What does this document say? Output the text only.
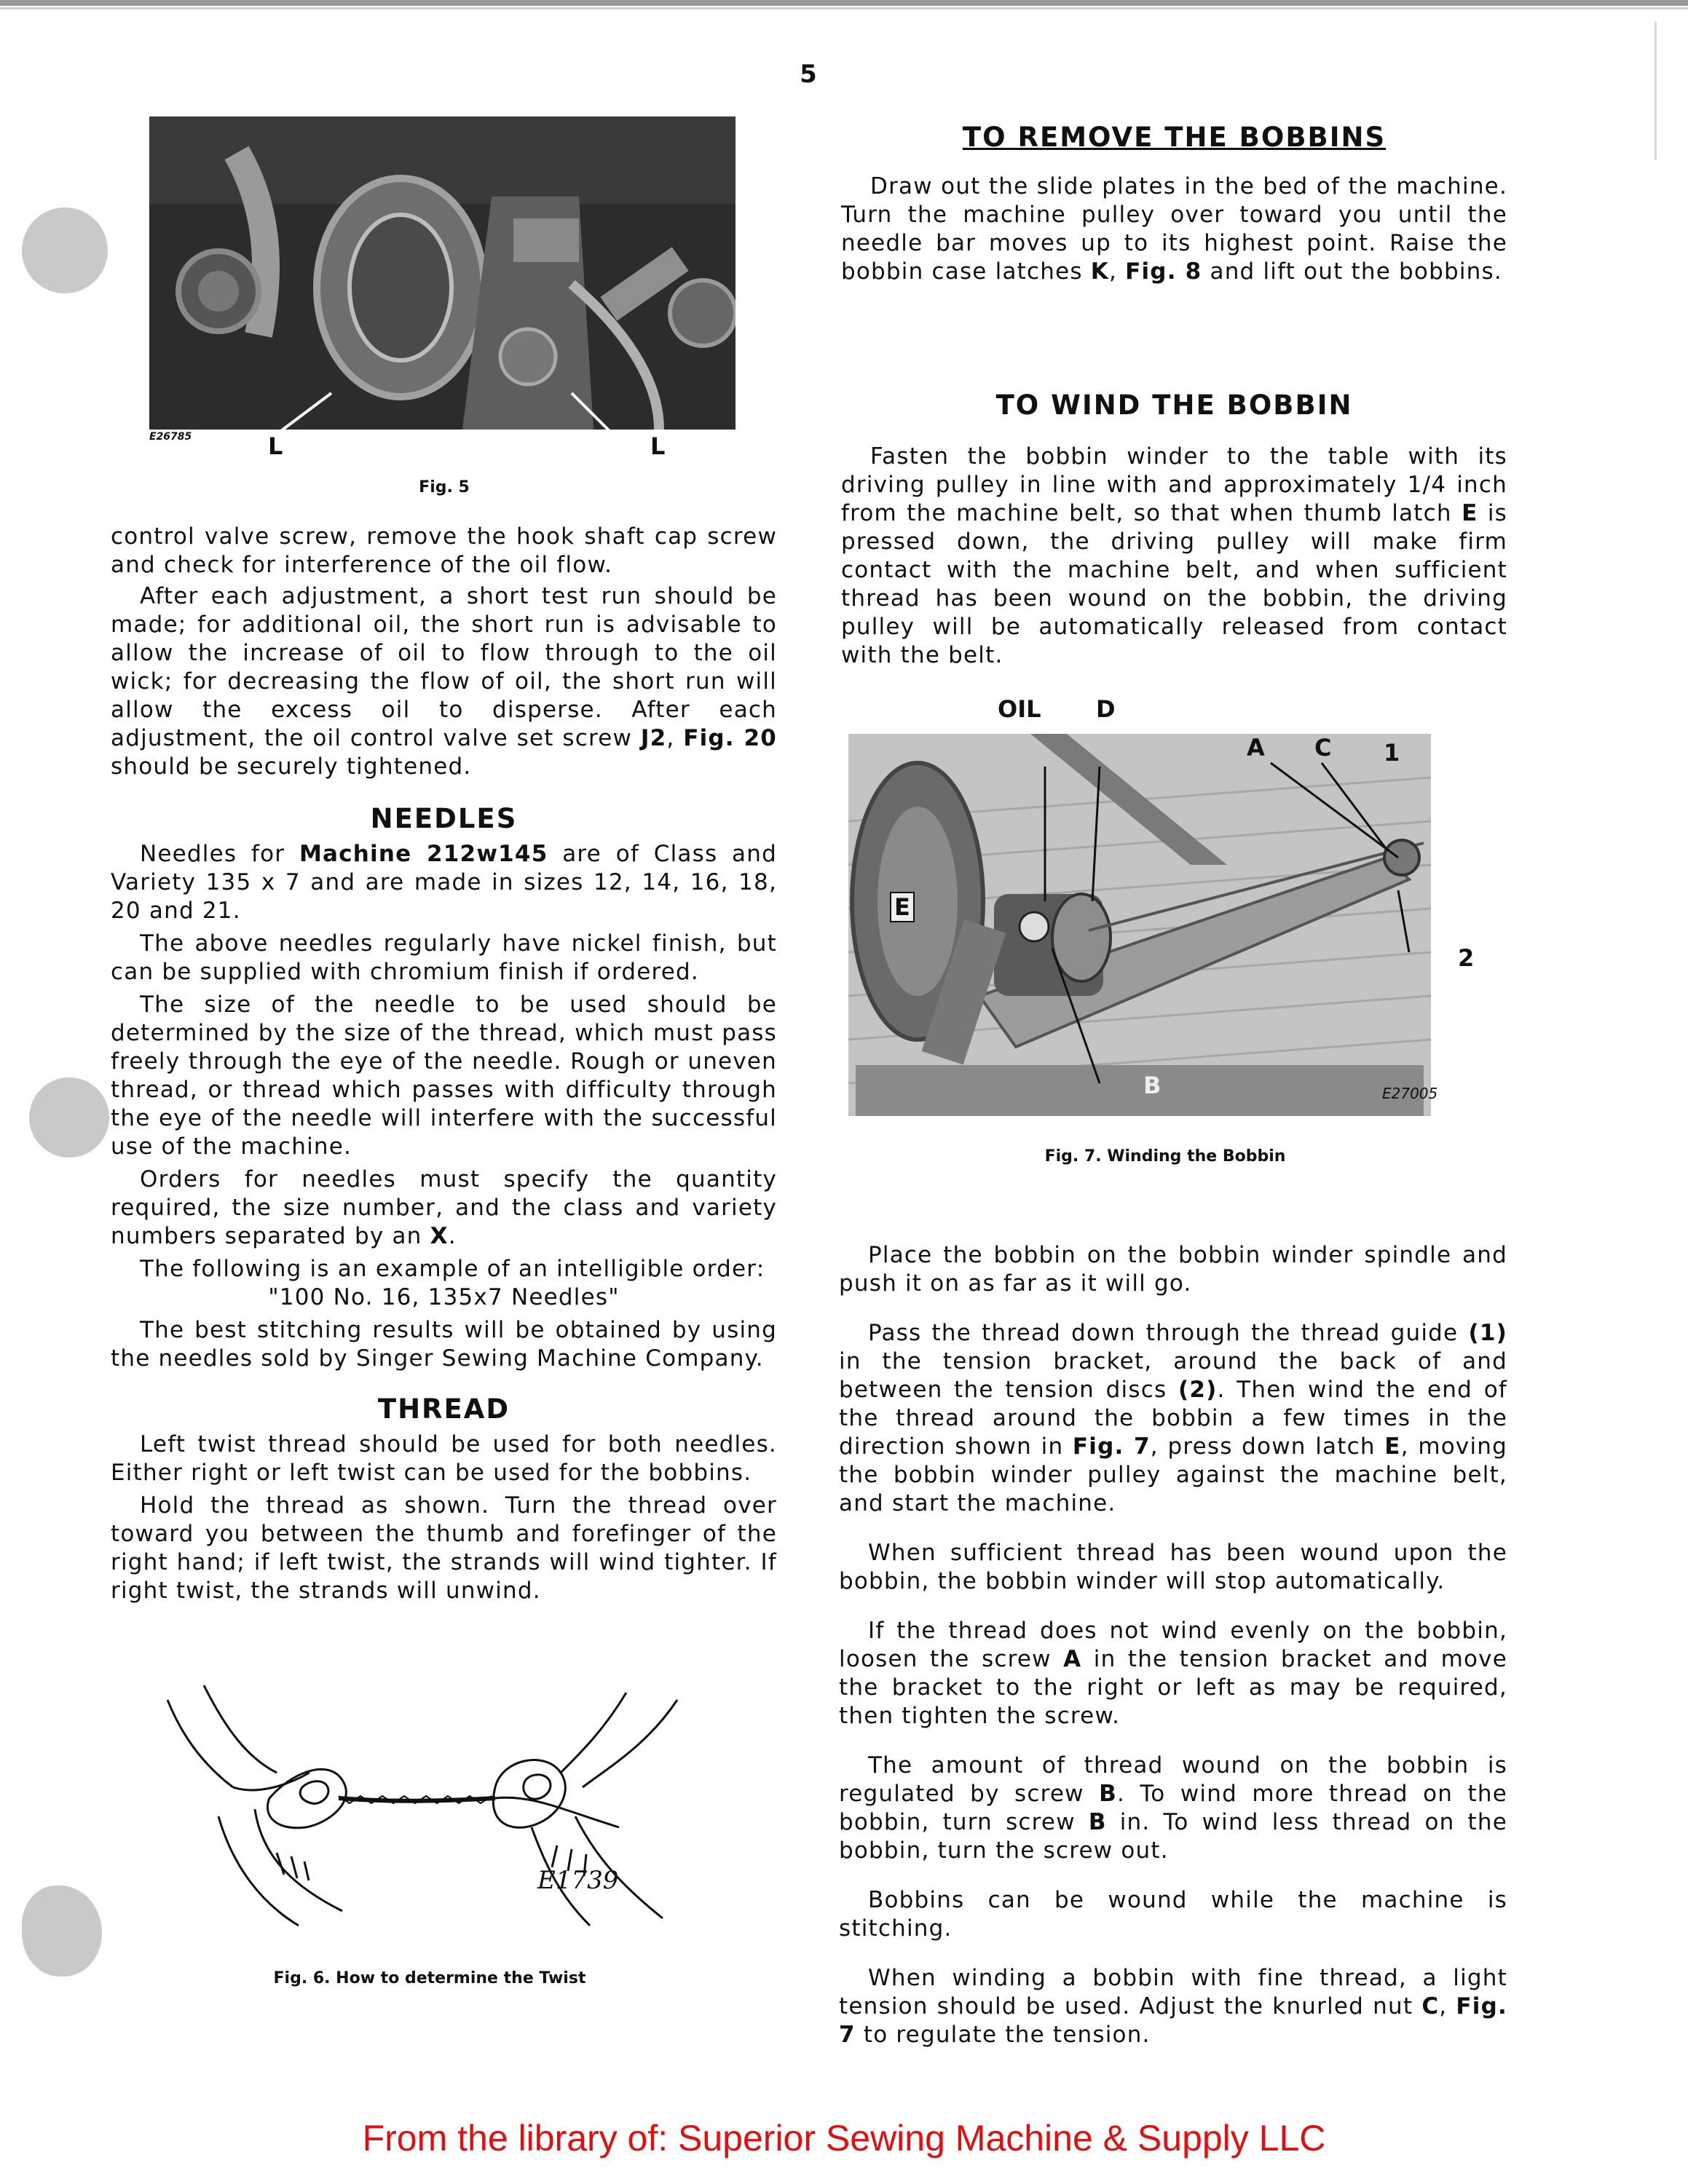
5
E26785	L	L
Fig. 5

control valve screw, remove the hook shaft cap screw and check for interference of the oil flow.

After each adjustment, a short test run should be made; for additional oil, the short run is advisable to allow the increase of oil to flow through to the oil wick; for decreasing the flow of oil, the short run will allow the excess oil to disperse. After each adjustment, the oil control valve set screw J2, Fig. 20 should be securely tightened.

NEEDLES

Needles for Machine 212w145 are of Class and Variety 135 x 7 and are made in sizes 12, 14, 16, 18, 20 and 21.

The above needles regularly have nickel finish, but can be supplied with chromium finish if ordered.

The size of the needle to be used should be determined by the size of the thread, which must pass freely through the eye of the needle. Rough or uneven thread, or thread which passes with difficulty through the eye of the needle will interfere with the successful use of the machine.

Orders for needles must specify the quantity required, the size number, and the class and variety numbers separated by an X.

The following is an example of an intelligible order:

"100 No. 16, 135x7 Needles"

The best stitching results will be obtained by using the needles sold by Singer Sewing Machine Company.

THREAD

Left twist thread should be used for both needles. Either right or left twist can be used for the bobbins.

Hold the thread as shown. Turn the thread over toward you between the thumb and forefinger of the right hand; if left twist, the strands will wind tighter. If right twist, the strands will unwind.

E1739
Fig. 6. How to determine the Twist
TO REMOVE THE BOBBINS

Draw out the slide plates in the bed of the machine. Turn the machine pulley over toward you until the needle bar moves up to its highest point. Raise the bobbin case latches K, Fig. 8 and lift out the bobbins.

TO WIND THE BOBBIN

Fasten the bobbin winder to the table with its driving pulley in line with and approximately 1/4 inch from the machine belt, so that when thumb latch E is pressed down, the driving pulley will make firm contact with the machine belt, and when sufficient thread has been wound on the bobbin, the driving pulley will be automatically released from contact with the belt.

OIL D
A C 1
E
2
B	E27005
Fig. 7. Winding the Bobbin

Place the bobbin on the bobbin winder spindle and push it on as far as it will go.

Pass the thread down through the thread guide (1) in the tension bracket, around the back of and between the tension discs (2). Then wind the end of the thread around the bobbin a few times in the direction shown in Fig. 7, press down latch E, moving the bobbin winder pulley against the machine belt, and start the machine.

When sufficient thread has been wound upon the bobbin, the bobbin winder will stop automatically.

If the thread does not wind evenly on the bobbin, loosen the screw A in the tension bracket and move the bracket to the right or left as may be required, then tighten the screw.

The amount of thread wound on the bobbin is regulated by screw B. To wind more thread on the bobbin, turn screw B in. To wind less thread on the bobbin, turn the screw out.

Bobbins can be wound while the machine is stitching.

When winding a bobbin with fine thread, a light tension should be used. Adjust the knurled nut C, Fig. 7 to regulate the tension.

From the library of: Superior Sewing Machine & Supply LLC
